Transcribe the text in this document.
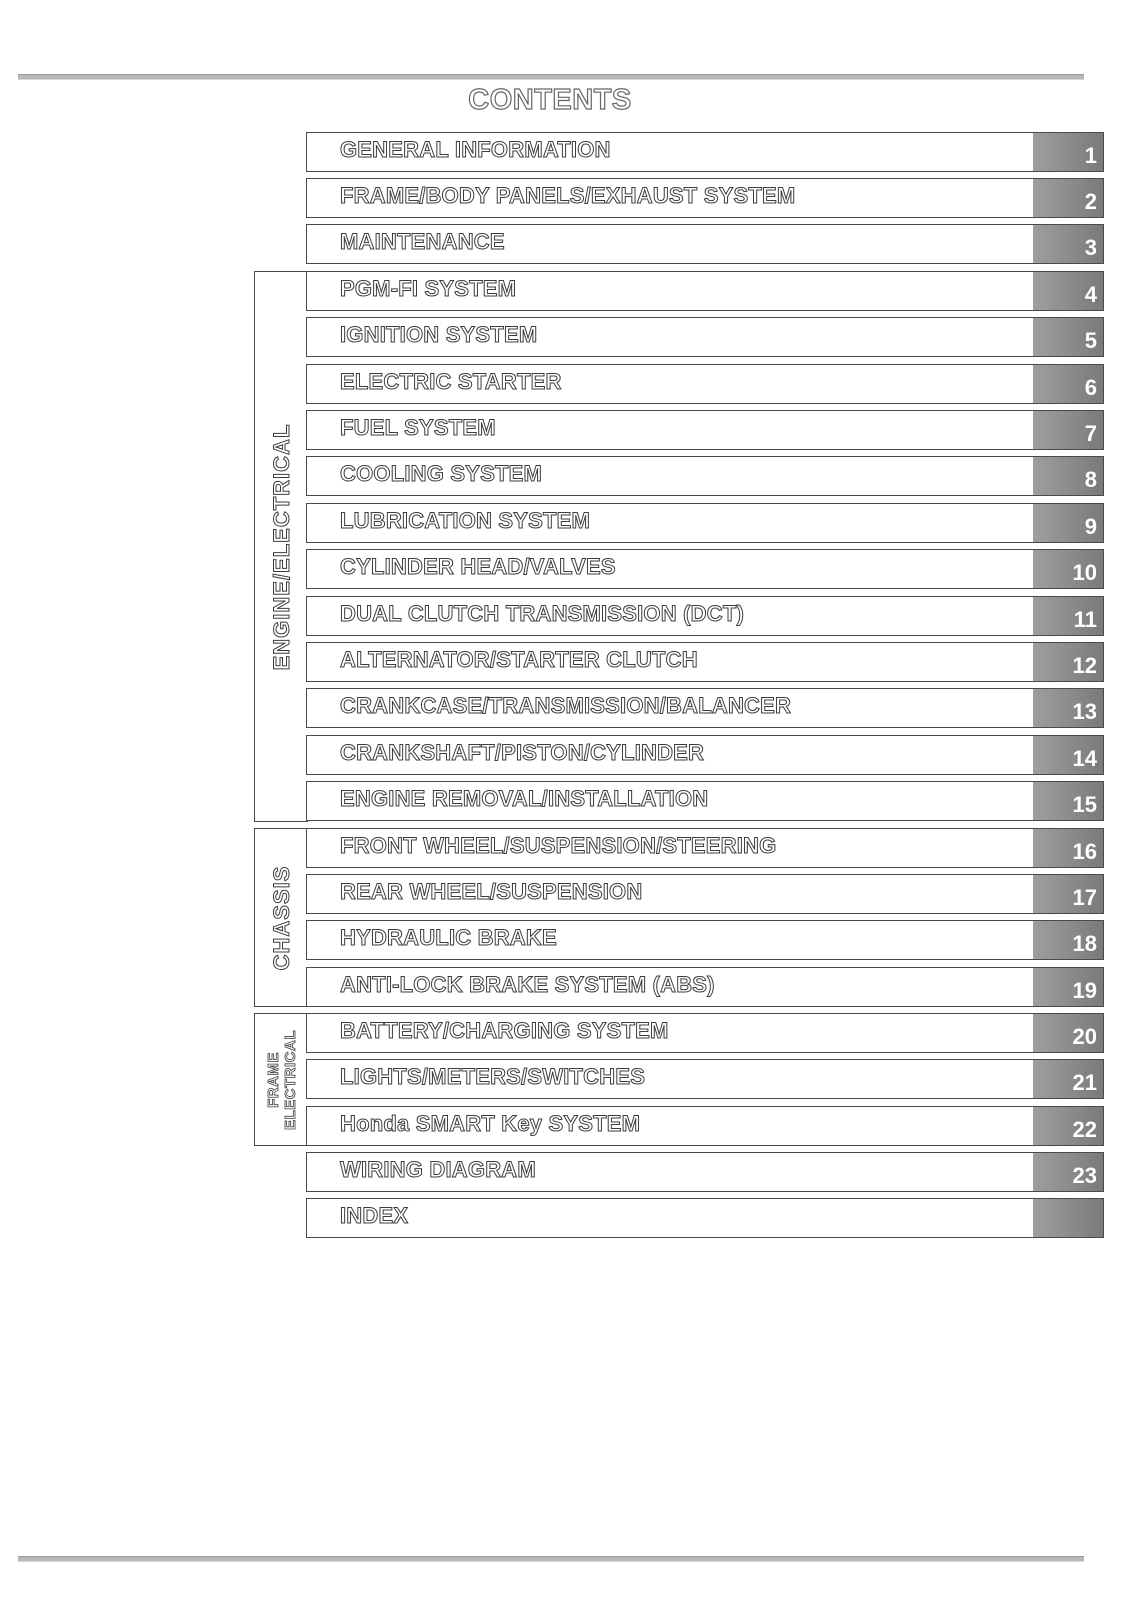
CONTENTS
ENGINE/ELECTRICAL
CHASSIS
FRAME ELECTRICAL
GENERAL INFORMATION	1
FRAME/BODY PANELS/EXHAUST SYSTEM	2
MAINTENANCE	3
PGM-FI SYSTEM	4
IGNITION SYSTEM	5
ELECTRIC STARTER	6
FUEL SYSTEM	7
COOLING SYSTEM	8
LUBRICATION SYSTEM	9
CYLINDER HEAD/VALVES	10
DUAL CLUTCH TRANSMISSION (DCT)	11
ALTERNATOR/STARTER CLUTCH	12
CRANKCASE/TRANSMISSION/BALANCER	13
CRANKSHAFT/PISTON/CYLINDER	14
ENGINE REMOVAL/INSTALLATION	15
FRONT WHEEL/SUSPENSION/STEERING	16
REAR WHEEL/SUSPENSION	17
HYDRAULIC BRAKE	18
ANTI-LOCK BRAKE SYSTEM (ABS)	19
BATTERY/CHARGING SYSTEM	20
LIGHTS/METERS/SWITCHES	21
Honda SMART Key SYSTEM	22
WIRING DIAGRAM	23
INDEX
